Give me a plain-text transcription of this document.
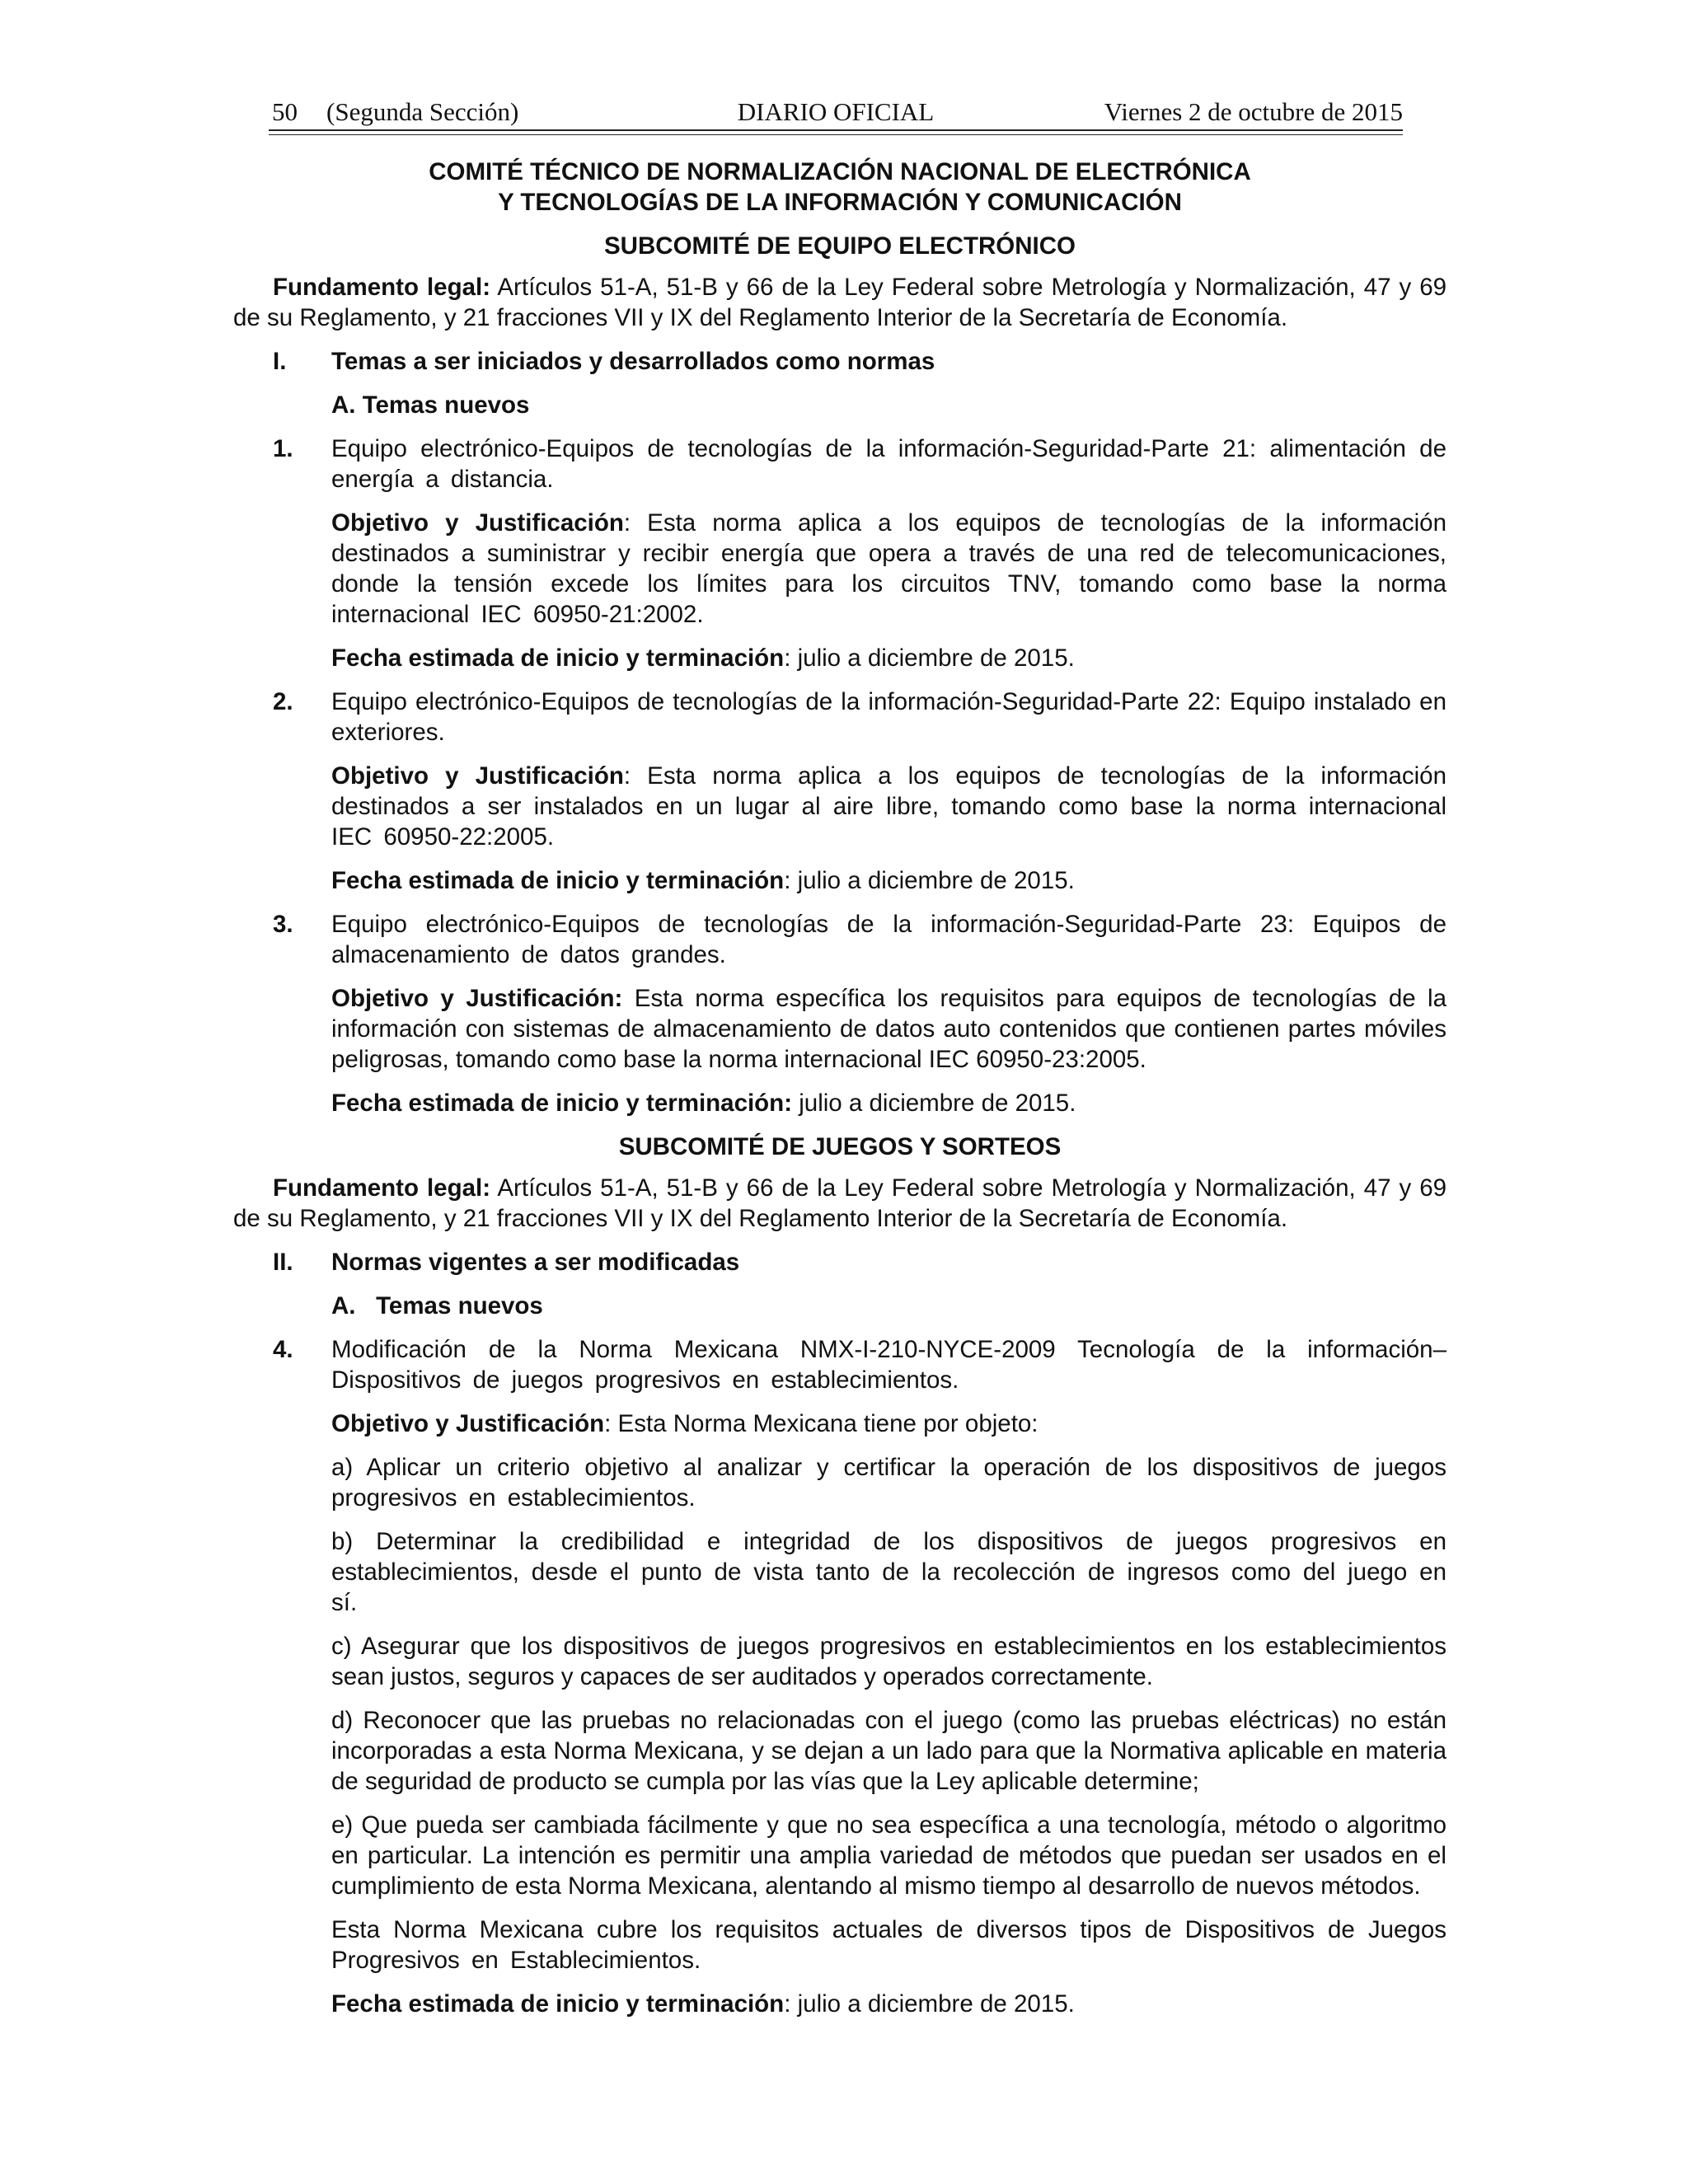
50 (Segunda Sección)	DIARIO OFICIAL	Viernes 2 de octubre de 2015

COMITÉ TÉCNICO DE NORMALIZACIÓN NACIONAL DE ELECTRÓNICA

Y TECNOLOGÍAS DE LA INFORMACIÓN Y COMUNICACIÓN

SUBCOMITÉ DE EQUIPO ELECTRÓNICO

Fundamento legal: Artículos 51-A, 51-B y 66 de la Ley Federal sobre Metrología y Normalización, 47 y 69 de su Reglamento, y 21 fracciones VII y IX del Reglamento Interior de la Secretaría de Economía.

I.	Temas a ser iniciados y desarrollados como normas

A. Temas nuevos

1.	Equipo electrónico-Equipos de tecnologías de la información-Seguridad-Parte 21: alimentación de energía a distancia.

Objetivo y Justificación: Esta norma aplica a los equipos de tecnologías de la información destinados a suministrar y recibir energía que opera a través de una red de telecomunicaciones, donde la tensión excede los límites para los circuitos TNV, tomando como base la norma internacional IEC 60950-21:2002.

Fecha estimada de inicio y terminación: julio a diciembre de 2015.

2.	Equipo electrónico-Equipos de tecnologías de la información-Seguridad-Parte 22: Equipo instalado en exteriores.

Objetivo y Justificación: Esta norma aplica a los equipos de tecnologías de la información destinados a ser instalados en un lugar al aire libre, tomando como base la norma internacional IEC 60950-22:2005.

Fecha estimada de inicio y terminación: julio a diciembre de 2015.

3.	Equipo electrónico-Equipos de tecnologías de la información-Seguridad-Parte 23: Equipos de almacenamiento de datos grandes.

Objetivo y Justificación: Esta norma específica los requisitos para equipos de tecnologías de la información con sistemas de almacenamiento de datos auto contenidos que contienen partes móviles peligrosas, tomando como base la norma internacional IEC 60950-23:2005.

Fecha estimada de inicio y terminación: julio a diciembre de 2015.

SUBCOMITÉ DE JUEGOS Y SORTEOS

Fundamento legal: Artículos 51-A, 51-B y 66 de la Ley Federal sobre Metrología y Normalización, 47 y 69 de su Reglamento, y 21 fracciones VII y IX del Reglamento Interior de la Secretaría de Economía.

II.	Normas vigentes a ser modificadas

A.   Temas nuevos

4.	Modificación de la Norma Mexicana NMX-I-210-NYCE-2009 Tecnología de la información–Dispositivos de juegos progresivos en establecimientos.

Objetivo y Justificación: Esta Norma Mexicana tiene por objeto:

a) Aplicar un criterio objetivo al analizar y certificar la operación de los dispositivos de juegos progresivos en establecimientos.

b) Determinar la credibilidad e integridad de los dispositivos de juegos progresivos en establecimientos, desde el punto de vista tanto de la recolección de ingresos como del juego en sí.

c) Asegurar que los dispositivos de juegos progresivos en establecimientos en los establecimientos sean justos, seguros y capaces de ser auditados y operados correctamente.

d) Reconocer que las pruebas no relacionadas con el juego (como las pruebas eléctricas) no están incorporadas a esta Norma Mexicana, y se dejan a un lado para que la Normativa aplicable en materia de seguridad de producto se cumpla por las vías que la Ley aplicable determine;

e) Que pueda ser cambiada fácilmente y que no sea específica a una tecnología, método o algoritmo en particular. La intención es permitir una amplia variedad de métodos que puedan ser usados en el cumplimiento de esta Norma Mexicana, alentando al mismo tiempo al desarrollo de nuevos métodos.

Esta Norma Mexicana cubre los requisitos actuales de diversos tipos de Dispositivos de Juegos Progresivos en Establecimientos.

Fecha estimada de inicio y terminación: julio a diciembre de 2015.
